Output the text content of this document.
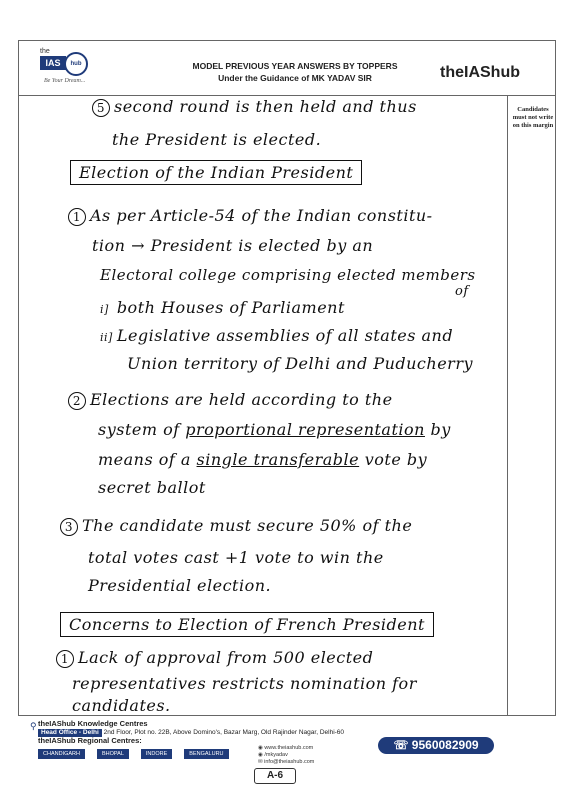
the
IAS	hub
Be Your Dream...
MODEL PREVIOUS YEAR ANSWERS BY TOPPERS
Under the Guidance of MK YADAV SIR	theIAShub
Candidates must not write on this margin
5 second round is then held and thus
the President is elected.
Election of the Indian President
1 As per Article-54 of the Indian constitu-
tion → President is elected by an
Electoral college comprising elected members
of
i]  both Houses of Parliament
ii] Legislative assemblies of all states and
Union territory of Delhi and Puducherry
2 Elections are held according to the
system of proportional representation by
means of a single transferable vote by
secret ballot
3 The candidate must secure 50% of the
total votes cast +1 vote to win the
Presidential election.
Concerns to Election of French President
1 Lack of approval from 500 elected
representatives restricts nomination for
candidates.
⚲ theIAShub Knowledge Centres
Head Office - Delhi 2nd Floor, Plot no. 22B, Above Domino's, Bazar Marg, Old Rajinder Nagar, Delhi-60
theIAShub Regional Centres:
CHANDIGARH	BHOPAL	INDORE	BENGALURU
◉ www.theiashub.com
◉ /mkyadav
✉ info@theiashub.com
☏ 9560082909
A-6
